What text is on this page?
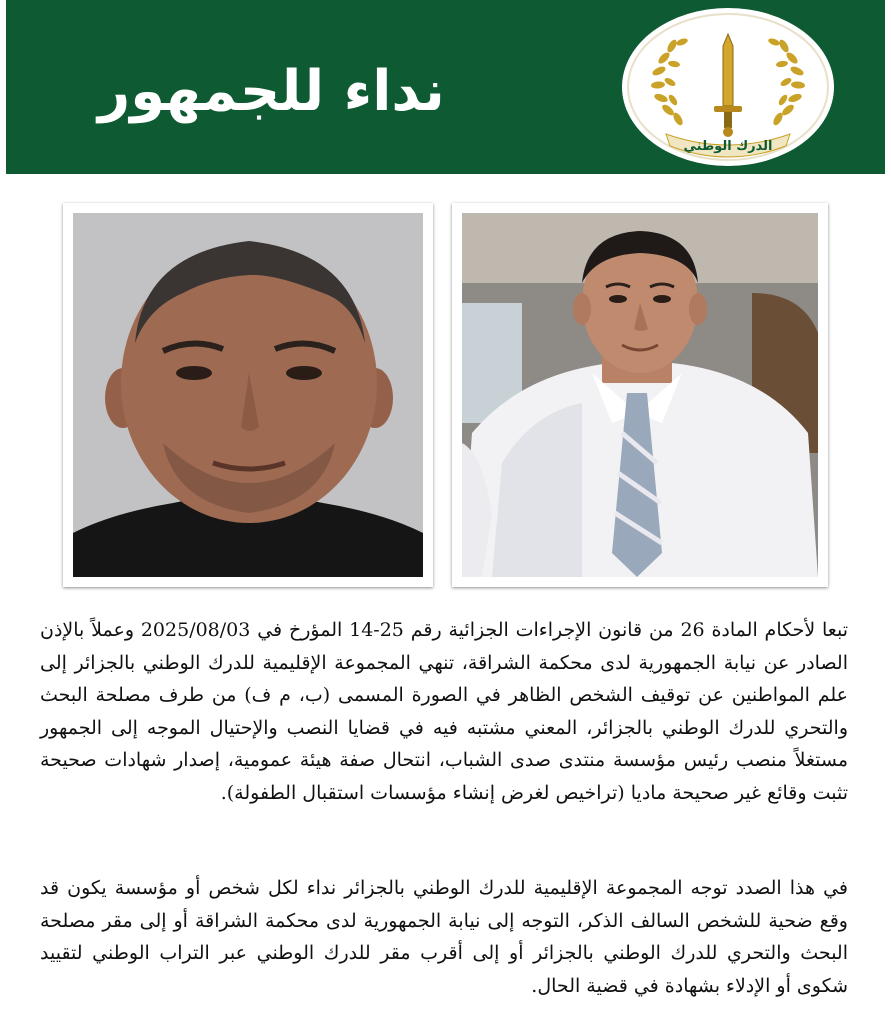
نداء للجمهور
الدرك الوطني

تبعا لأحكام المادة 26 من قانون الإجراءات الجزائية رقم 25-14 المؤرخ في 2025/08/03 وعملاً بالإذن الصادر عن نيابة الجمهورية لدى محكمة الشراقة، تنهي المجموعة الإقليمية للدرك الوطني بالجزائر إلى علم المواطنين عن توقيف الشخص الظاهر في الصورة المسمى (ب، م ف) من طرف مصلحة البحث والتحري للدرك الوطني بالجزائر، المعني مشتبه فيه في قضايا النصب والإحتيال الموجه إلى الجمهور مستغلاً منصب رئيس مؤسسة منتدى صدى الشباب، انتحال صفة هيئة عمومية، إصدار شهادات صحيحة تثبت وقائع غير صحيحة ماديا (تراخيص لغرض إنشاء مؤسسات استقبال الطفولة).

في هذا الصدد توجه المجموعة الإقليمية للدرك الوطني بالجزائر نداء لكل شخص أو مؤسسة يكون قد وقع ضحية للشخص السالف الذكر، التوجه إلى نيابة الجمهورية لدى محكمة الشراقة أو إلى مقر مصلحة البحث والتحري للدرك الوطني بالجزائر أو إلى أقرب مقر للدرك الوطني عبر التراب الوطني لتقييد شكوى أو الإدلاء بشهادة في قضية الحال.
